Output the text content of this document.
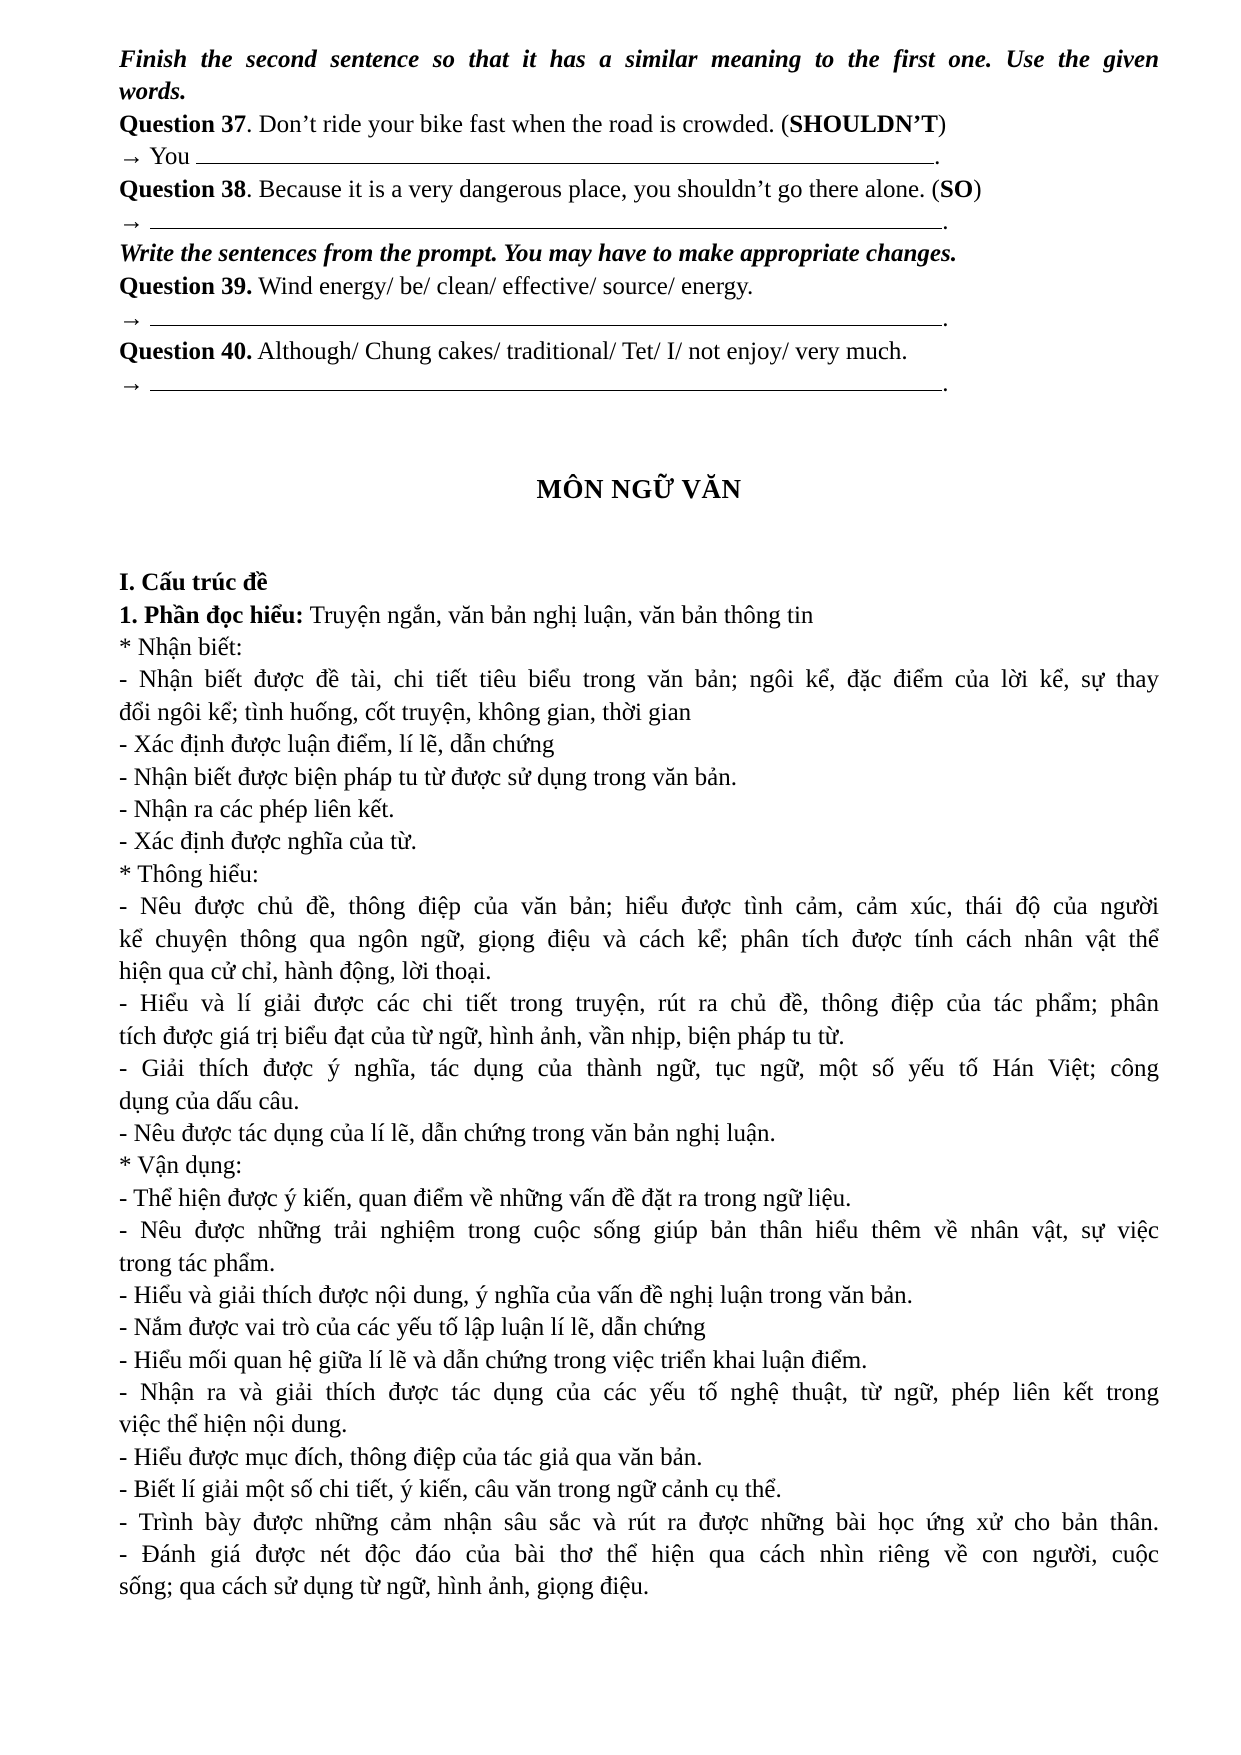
Finish the second sentence so that it has a similar meaning to the first one. Use the given
words.
Question 37. Don’t ride your bike fast when the road is crowded. (SHOULDN’T)
→ You	.
Question 38. Because it is a very dangerous place, you shouldn’t go there alone. (SO)
→	.
Write the sentences from the prompt. You may have to make appropriate changes.
Question 39. Wind energy/ be/ clean/ effective/ source/ energy.
→	.
Question 40. Although/ Chung cakes/ traditional/ Tet/ I/ not enjoy/ very much.
→	.
MÔN NGỮ VĂN
I. Cấu trúc đề
1. Phần đọc hiểu: Truyện ngắn, văn bản nghị luận, văn bản thông tin
* Nhận biết:
- Nhận biết được đề tài, chi tiết tiêu biểu trong văn bản; ngôi kể, đặc điểm của lời kể, sự thay
đổi ngôi kể; tình huống, cốt truyện, không gian, thời gian
- Xác định được luận điểm, lí lẽ, dẫn chứng
- Nhận biết được biện pháp tu từ được sử dụng trong văn bản.
- Nhận ra các phép liên kết.
- Xác định được nghĩa của từ.
* Thông hiểu:
- Nêu được chủ đề, thông điệp của văn bản; hiểu được tình cảm, cảm xúc, thái độ của người
kể chuyện thông qua ngôn ngữ, giọng điệu và cách kể; phân tích được tính cách nhân vật thể
hiện qua cử chỉ, hành động, lời thoại.
- Hiểu và lí giải được các chi tiết trong truyện, rút ra chủ đề, thông điệp của tác phẩm; phân
tích được giá trị biểu đạt của từ ngữ, hình ảnh, vần nhịp, biện pháp tu từ.
- Giải thích được ý nghĩa, tác dụng của thành ngữ, tục ngữ, một số yếu tố Hán Việt; công
dụng của dấu câu.
- Nêu được tác dụng của lí lẽ, dẫn chứng trong văn bản nghị luận.
* Vận dụng:
- Thể hiện được ý kiến, quan điểm về những vấn đề đặt ra trong ngữ liệu.
- Nêu được những trải nghiệm trong cuộc sống giúp bản thân hiểu thêm về nhân vật, sự việc
trong tác phẩm.
- Hiểu và giải thích được nội dung, ý nghĩa của vấn đề nghị luận trong văn bản.
- Nắm được vai trò của các yếu tố lập luận lí lẽ, dẫn chứng
- Hiểu mối quan hệ giữa lí lẽ và dẫn chứng trong việc triển khai luận điểm.
- Nhận ra và giải thích được tác dụng của các yếu tố nghệ thuật, từ ngữ, phép liên kết trong
việc thể hiện nội dung.
- Hiểu được mục đích, thông điệp của tác giả qua văn bản.
- Biết lí giải một số chi tiết, ý kiến, câu văn trong ngữ cảnh cụ thể.
- Trình bày được những cảm nhận sâu sắc và rút ra được những bài học ứng xử cho bản thân.
- Đánh giá được nét độc đáo của bài thơ thể hiện qua cách nhìn riêng về con người, cuộc
sống; qua cách sử dụng từ ngữ, hình ảnh, giọng điệu.
